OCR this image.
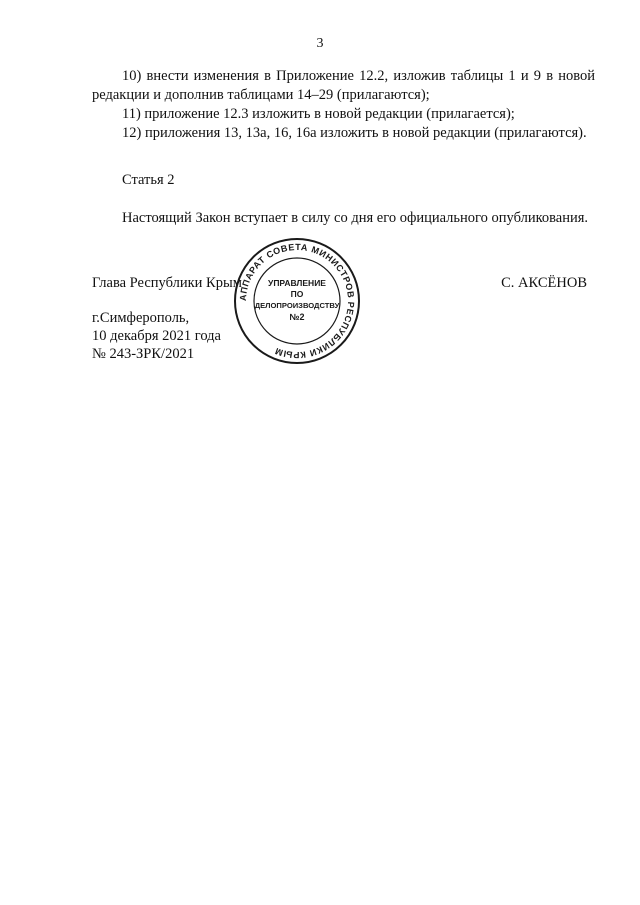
3
10) внести изменения в Приложение 12.2, изложив таблицы 1 и 9 в новой редакции и дополнив таблицами 14–29 (прилагаются);
11) приложение 12.3 изложить в новой редакции (прилагается);
12) приложения 13, 13а, 16, 16а изложить в новой редакции (прилагаются).
Статья 2
Настоящий Закон вступает в силу со дня его официального опубликования.
Глава Республики Крым	С. АКСЁНОВ
г.Симферополь,
10 декабря 2021 года
№ 243-ЗРК/2021
АППАРАТ СОВЕТА МИНИСТРОВ РЕСПУБЛИКИ КРЫМ
УПРАВЛЕНИЕ
ПО
ДЕЛОПРОИЗВОДСТВУ
№2
